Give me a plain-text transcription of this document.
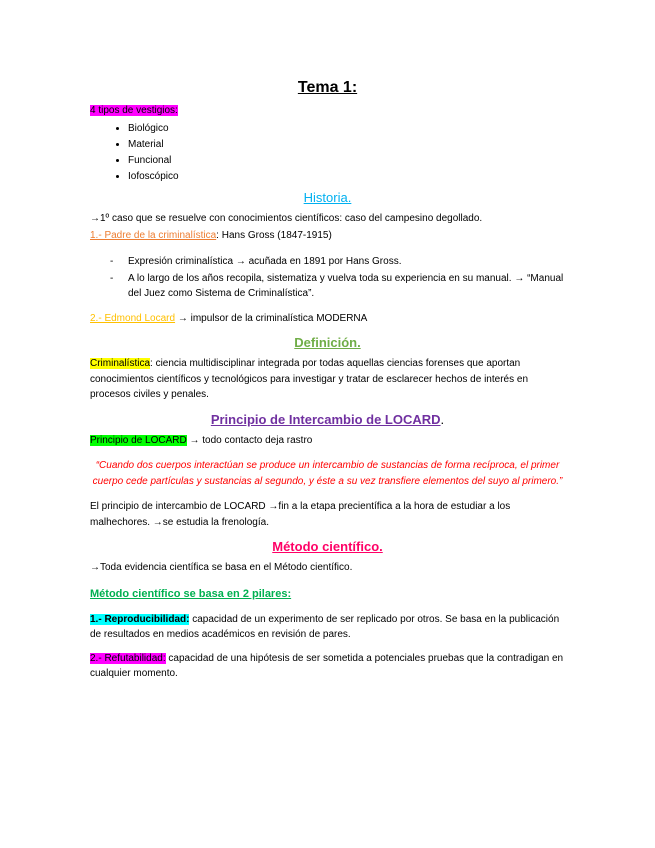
Tema 1:
4 tipos de vestigios:
• Biológico
• Material
• Funcional
• Iofoscópico
Historia.

→1º caso que se resuelve con conocimientos científicos: caso del campesino degollado.

1.- Padre de la criminalística: Hans Gross (1847-1915)

- Expresión criminalística → acuñada en 1891 por Hans Gross.
- A lo largo de los años recopila, sistematiza y vuelva toda su experiencia en su manual. → “Manual del Juez como Sistema de Criminalística”.

2.- Edmond Locard → impulsor de la criminalística MODERNA

Definición.

Criminalística: ciencia multidisciplinar integrada por todas aquellas ciencias forenses que aportan conocimientos científicos y tecnológicos para investigar y tratar de esclarecer hechos de interés en procesos civiles y penales.

Principio de Intercambio de LOCARD.

Principio de LOCARD → todo contacto deja rastro

“Cuando dos cuerpos interactúan se produce un intercambio de sustancias de forma recíproca, el primer cuerpo cede partículas y sustancias al segundo, y éste a su vez transfiere elementos del suyo al primero.”

El principio de intercambio de LOCARD →fin a la etapa precientífica a la hora de estudiar a los malhechores. →se estudia la frenología.

Método científico.

→Toda evidencia científica se basa en el Método científico.

Método científico se basa en 2 pilares:

1.- Reproducibilidad: capacidad de un experimento de ser replicado por otros. Se basa en la publicación de resultados en medios académicos en revisión de pares.

2.- Refutabilidad: capacidad de una hipótesis de ser sometida a potenciales pruebas que la contradigan en cualquier momento.
